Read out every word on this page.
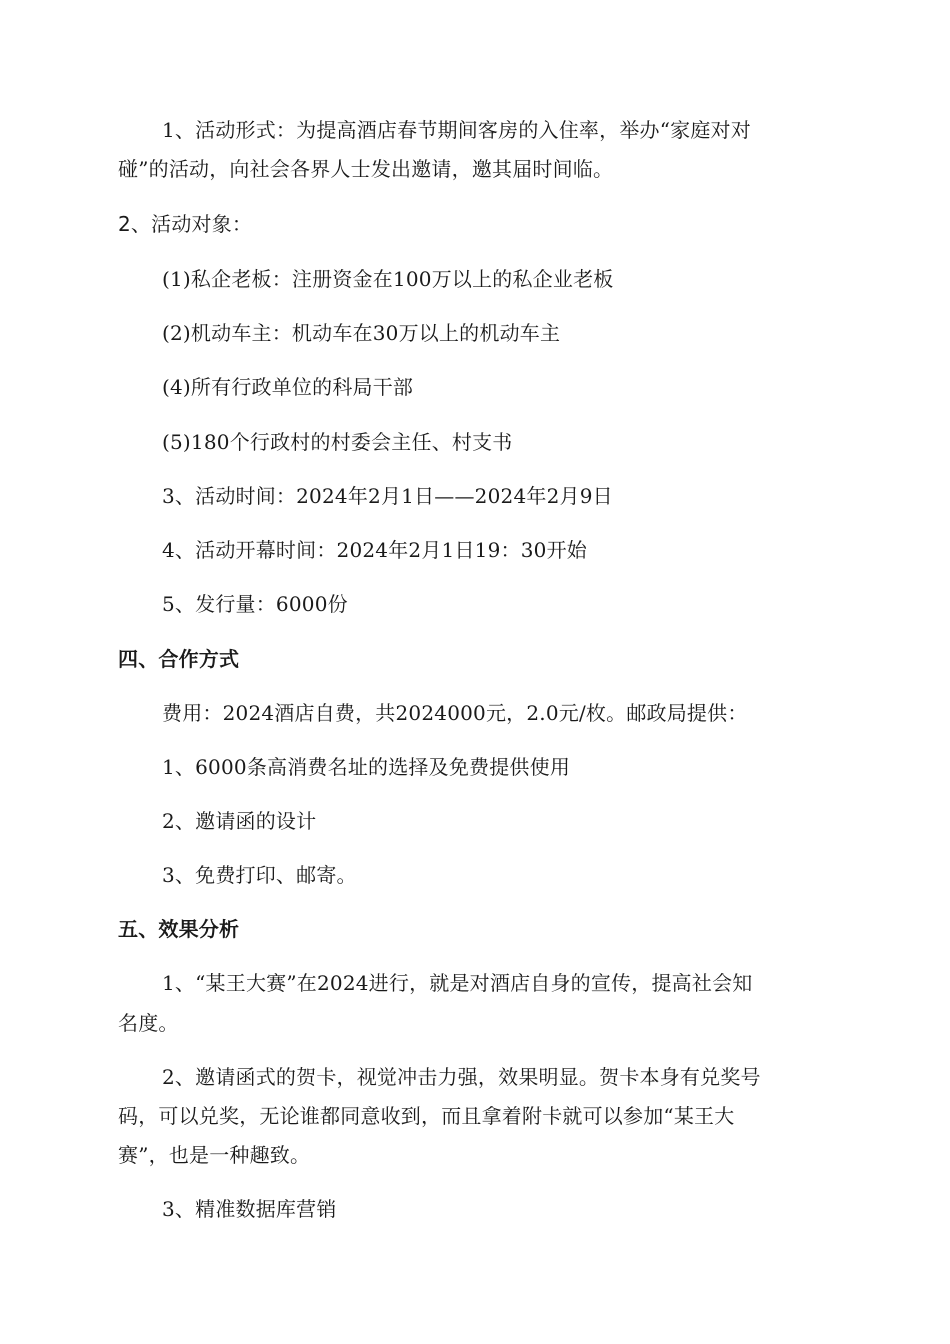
1、活动形式：为提高酒店春节期间客房的入住率，举办“家庭对对
碰”的活动，向社会各界人士发出邀请，邀其届时间临。
2、活动对象：
(1)私企老板：注册资金在100万以上的私企业老板
(2)机动车主：机动车在30万以上的机动车主
(4)所有行政单位的科局干部
(5)180个行政村的村委会主任、村支书
3、活动时间：2024年2月1日——2024年2月9日
4、活动开幕时间：2024年2月1日19：30开始
5、发行量：6000份
四、合作方式
费用：2024酒店自费，共2024000元，2.0元/枚。邮政局提供：
1、6000条高消费名址的选择及免费提供使用
2、邀请函的设计
3、免费打印、邮寄。
五、效果分析
1、“某王大赛”在2024进行，就是对酒店自身的宣传，提高社会知
名度。
2、邀请函式的贺卡，视觉冲击力强，效果明显。贺卡本身有兑奖号
码，可以兑奖，无论谁都同意收到，而且拿着附卡就可以参加“某王大
赛”，也是一种趣致。
3、精准数据库营销
